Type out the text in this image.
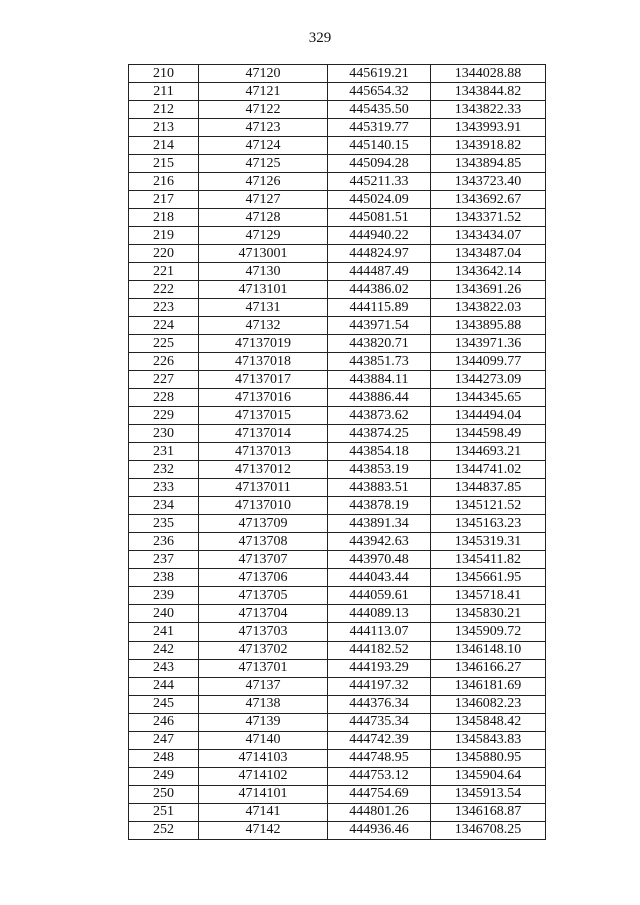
329
210	47120	445619.21	1344028.88
211	47121	445654.32	1343844.82
212	47122	445435.50	1343822.33
213	47123	445319.77	1343993.91
214	47124	445140.15	1343918.82
215	47125	445094.28	1343894.85
216	47126	445211.33	1343723.40
217	47127	445024.09	1343692.67
218	47128	445081.51	1343371.52
219	47129	444940.22	1343434.07
220	4713001	444824.97	1343487.04
221	47130	444487.49	1343642.14
222	4713101	444386.02	1343691.26
223	47131	444115.89	1343822.03
224	47132	443971.54	1343895.88
225	47137019	443820.71	1343971.36
226	47137018	443851.73	1344099.77
227	47137017	443884.11	1344273.09
228	47137016	443886.44	1344345.65
229	47137015	443873.62	1344494.04
230	47137014	443874.25	1344598.49
231	47137013	443854.18	1344693.21
232	47137012	443853.19	1344741.02
233	47137011	443883.51	1344837.85
234	47137010	443878.19	1345121.52
235	4713709	443891.34	1345163.23
236	4713708	443942.63	1345319.31
237	4713707	443970.48	1345411.82
238	4713706	444043.44	1345661.95
239	4713705	444059.61	1345718.41
240	4713704	444089.13	1345830.21
241	4713703	444113.07	1345909.72
242	4713702	444182.52	1346148.10
243	4713701	444193.29	1346166.27
244	47137	444197.32	1346181.69
245	47138	444376.34	1346082.23
246	47139	444735.34	1345848.42
247	47140	444742.39	1345843.83
248	4714103	444748.95	1345880.95
249	4714102	444753.12	1345904.64
250	4714101	444754.69	1345913.54
251	47141	444801.26	1346168.87
252	47142	444936.46	1346708.25
